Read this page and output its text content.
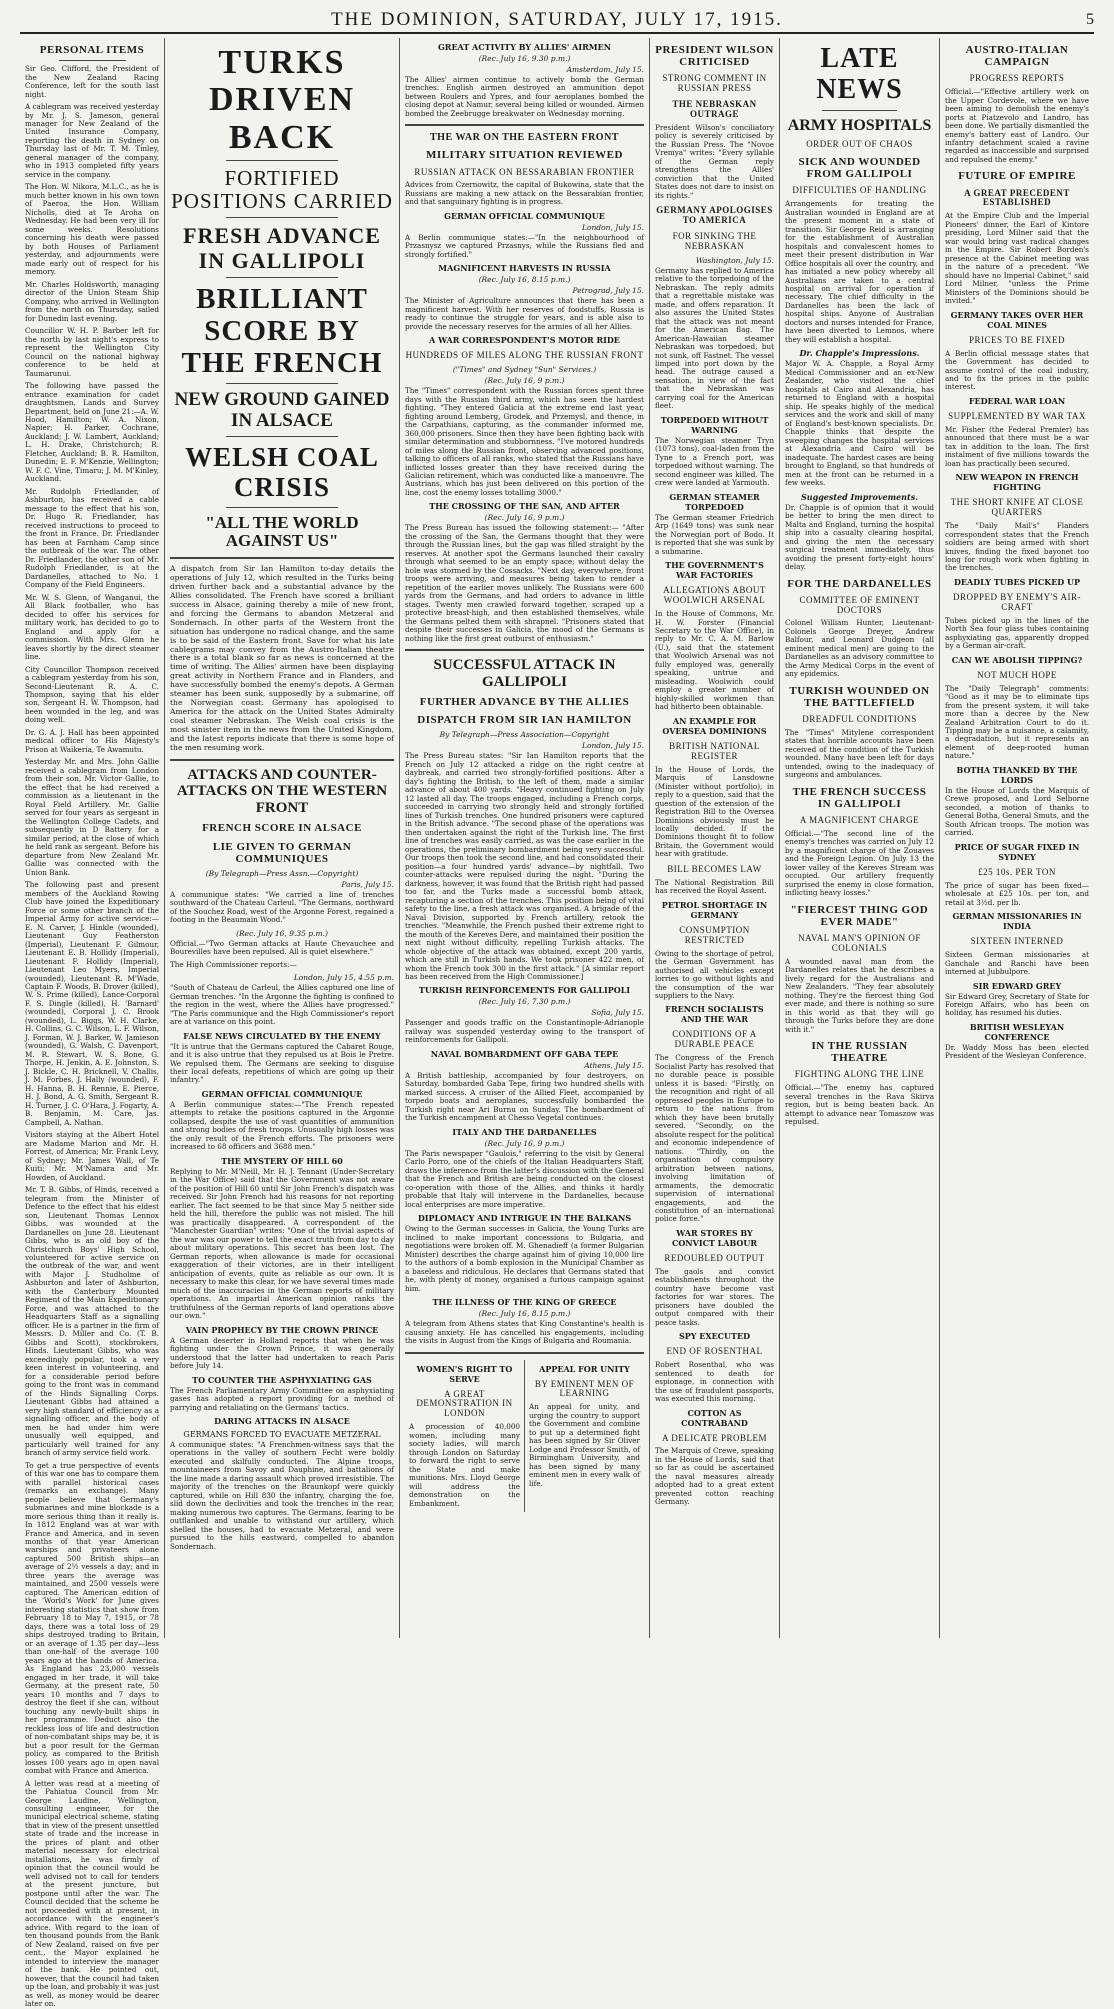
THE DOMINION, SATURDAY, JULY 17, 1915.	5
PERSONAL ITEMS
Sir Geo. Clifford, the President of the New Zealand Racing Conference, left for the south last night.
A cablegram was received yesterday by Mr. J. S. Jameson, general manager for New Zealand of the United Insurance Company, reporting the death in Sydney on Thursday last of Mr. T. M. Tinley, general manager of the company, who in 1913 completed fifty years service in the company.
The Hon. W. Nikora, M.L.C., as he is much better known in his own town of Paeroa, the Hon. William Nicholls, died at Te Aroha on Wednesday. He had been very ill for some weeks. Resolutions concerning his death were passed by both Houses of Parliament yesterday, and adjournments were made early out of respect for his memory.
Mr. Charles Holdsworth, managing director of the Union Steam Ship Company, who arrived in Wellington from the north on Thursday, sailed for Dunedin last evening.
Councillor W. H. P. Barber left for the north by last night's express to represent the Wellington City Council on the national highway conference to be held at Taumarunui.
The following have passed the entrance examination for cadet draughtsmen, Lands and Survey Department, held on June 21:—A. W. Hood, Hamilton; W. A. Nixon, Napier; H. Parker, Cochrane, Auckland; J. W. Lambert, Auckland; L. H. Drake, Christchurch; R. Fletcher, Auckland; B. R. Hamilton, Dunedin; E. F. M'Kenzie, Wellington; W. F. C. Vine, Timaru; J. M. M'Kinley, Auckland.
Mr. Rudolph Friedlander, of Ashburton, has received a cable message to the effect that his son, Dr. Hugo R. Friedlander, has received instructions to proceed to the front in France. Dr. Friedlander has been at Farnham Camp since the outbreak of the war. The other Dr. Friedlander, the other son of Mr. Rudolph Friedlander, is at the Dardanelles, attached to No. 1 Company of the Field Engineers.
Mr. W. S. Glenn, of Wanganui, the All Black footballer, who has decided to offer his services for military work, has decided to go to England and apply for a commission. With Mrs. Glenn he leaves shortly by the direct steamer line.
City Councillor Thompson received a cablegram yesterday from his son, Second-Lieutenant R. A. C. Thompson, saying that his elder son, Sergeant H. W. Thompson, had been wounded in the leg, and was doing well.
Dr. G. A. J. Hall has been appointed medical officer to His Majesty's Prison at Waikeria, Te Awamutu.
Yesterday Mr. and Mrs. John Gallie received a cablegram from London from their son, Mr. Victor Gallie, to the effect that he had received a commission as a lieutenant in the Royal Field Artillery. Mr. Gallie served for four years as sergeant in the Wellington College Cadets, and subsequently in D Battery for a similar period, at the close of which he held rank as sergeant. Before his departure from New Zealand Mr. Gallie was connected with the Union Bank.
The following past and present members of the Auckland Rowing Club have joined the Expeditionary Force or some other branch of the Imperial Army for active service:—E. N. Carver, J. Hinkle (wounded), Lieutenant Guy Featherston (Imperial), Lieutenant F. Gilmour, Lieutenant E. B. Hollidy (Imperial), Lieutenant F. Hollidy (Imperial), Lieutenant Leo Myers, Imperial (wounded), Lieutenant R. M'Wade, Captain F. Woods, B. Drover (killed), W. S. Prime (killed), Lance-Corporal F. S. Dingle (killed), H. 'Barnard' (wounded), Corporal J. C. Brook (wounded), L. Biggs, W. H. Clarke, H. Collins, G. C. Wilson, L. F. Wilson, J. Forman, W. J. Barker, W. Jamieson (wounded), G. Walsh, C. Davenport, M. R. Stewart, W. S. Bone, G. Thorpe, H. Jenkin, A. E. Johnston, S. J. Bickle, C. H. Bricknell, V. Challis, J. M. Forbes, J. Hally (wounded), F. H. Hanna, B. H. Rennie, E. Pierce, H. J. Bond, A. G. Smith, Sergeant R. H. Turner, J. C. O'Hara, J. Fogarty, A. B. Benjamin, M. Care, Jas. Campbell, A. Nathan.
Visitors staying at the Albert Hotel are Madame Marion and Mr. H. Forrest, of America; Mr. Frank Levy, of Sydney; Mr. James Wall, of Te Kuiti; Mr. M'Namara and Mr. Howden, of Auckland.
Mr. T. B. Gibbs, of Hinds, received a telegram from the Minister of Defence to the effect that his eldest son, Lieutenant Thomas Lennox Gibbs, was wounded at the Dardanelles on June 28. Lieutenant Gibbs, who is an old boy of the Christchurch Boys' High School, volunteered for active service on the outbreak of the war, and went with Major J. Studholme of Ashburton and later of Ashburton, with the Canterbury Mounted Regiment of the Main Expeditionary Force, and was attached to the Headquarters Staff as a signalling officer. He is a partner in the firm of Messrs. D. Miller and Co. (T. B. Gibbs and Scott), stockbrokers, Hinds. Lieutenant Gibbs, who was exceedingly popular, took a very keen interest in volunteering, and for a considerable period before going to the front was in command of the Hinds Signalling Corps. Lieutenant Gibbs had attained a very high standard of efficiency as a signalling officer, and the body of men he had under him were unusually well equipped, and particularly well trained for any branch of army service field work.
To get a true perspective of events of this war one has to compare them with parallel historical cases (remarks an exchange). Many people believe that Germany's submarines and mine blockade is a more serious thing than it really is. In 1812 England was at war with France and America, and in seven months of that year American warships and privateers alone captured 500 British ships—an average of 2½ vessels a day; and in three years the average was maintained, and 2500 vessels were captured. The American edition of the 'World's Work' for June gives interesting statistics that show from February 18 to May 7, 1915, or 78 days, there was a total loss of 29 ships destroyed trading to Britain, or an average of 1.35 per day—less than one-half of the average 100 years ago at the hands of America. As England has 23,000 vessels engaged in her trade, it will take Germany, at the present rate, 50 years 10 months and 7 days to destroy the fleet if she can, without touching any newly-built ships in her programme. Deduct also the reckless loss of life and destruction of non-combatant ships may be, it is but a poor result for the German policy, as compared to the British losses 100 years ago in open naval combat with France and America.
A letter was read at a meeting of the Pahiatua Council from Mr. George Laudine, Wellington, consulting engineer, for the municipal electrical scheme, stating that in view of the present unsettled state of trade and the increase in the prices of plant and other material necessary for electrical installations, he was firmly of opinion that the council would be well advised not to call for tenders at the present juncture, but postpone until after the war. The Council decided that the scheme be not proceeded with at present, in accordance with the engineer's advice. With regard to the loan of ten thousand pounds from the Bank of New Zealand, raised on five per cent., the Mayor explained he intended to interview the manager of the bank. He pointed out, however, that the council had taken up the loan, and probably it was just as well, as money would be dearer later on.
TURKS DRIVEN BACK
FORTIFIED POSITIONS CARRIED
FRESH ADVANCE IN GALLIPOLI
BRILLIANT SCORE BY THE FRENCH
NEW GROUND GAINED IN ALSACE
WELSH COAL CRISIS
"ALL THE WORLD AGAINST US"
A dispatch from Sir Ian Hamilton to-day details the operations of July 12, which resulted in the Turks being driven further back and a substantial advance by the Allies consolidated. The French have scored a brilliant success in Alsace, gaining thereby a mile of new front, and forcing the Germans to abandon Metzeral and Sondernach. In other parts of the Western front the situation has undergone no radical change, and the same is to be said of the Eastern front. Save for what his late cablegrams may convey from the Austro-Italian theatre there is a total blank so far as news is concerned at the time of writing. The Allies' airmen have been displaying great activity in Northern France and in Flanders, and have successfully bombed the enemy's depots. A German steamer has been sunk, supposedly by a submarine, off the Norwegian coast. Germany has apologised to America for the attack on the United States Admiralty coal steamer Nebraskan. The Welsh coal crisis is the most sinister item in the news from the United Kingdom, and the latest reports indicate that there is some hope of the men resuming work.
ATTACKS AND COUNTER-ATTACKS ON THE WESTERN FRONT
FRENCH SCORE IN ALSACE
LIE GIVEN TO GERMAN COMMUNIQUES
(By Telegraph—Press Assn.—Copyright)
Paris, July 15.
A communique states: "We carried a line of trenches southward of the Chateau Carleul. "The Germans, northward of the Souchez Road, west of the Argonne Forest, regained a footing in the Beaumain Wood."
(Rec. July 16, 9.35 p.m.)
Official.—"Two German attacks at Haute Chevauchee and Bourevilles have been repulsed. All is quiet elsewhere."
The High Commissioner reports:—
London, July 15, 4.55 p.m.
"South of Chateau de Carleul, the Allies captured one line of German trenches. "In the Argonne the fighting is confined to the region in the west, where the Allies have progressed." "The Paris communique and the High Commissioner's report are at variance on this point.
FALSE NEWS CIRCULATED BY THE ENEMY
"It is untrue that the Germans captured the Cabaret Rouge, and it is also untrue that they repulsed us at Bois le Pretre. We repulsed them. The Germans are seeking to disguise their local defeats, repetitions of which are going up their infantry."
GERMAN OFFICIAL COMMUNIQUE
A Berlin communique states:—"The French repeated attempts to retake the positions captured in the Argonne collapsed, despite the use of vast quantities of ammunition and strong bodies of fresh troops. Unusually high losses was the only result of the French efforts. The prisoners were increased to 68 officers and 3688 men."
THE MYSTERY OF HILL 60
Replying to Mr. M'Neill, Mr. H. J. Tennant (Under-Secretary in the War Office) said that the Government was not aware of the position of Hill 60 until Sir John French's dispatch was received. Sir John French had his reasons for not reporting earlier. The fact seemed to be that since May 5 neither side held the hill, therefore the public was not misled. The hill was practically disappeared. A correspondent of the "Manchester Guardian" writes: "One of the trivial aspects of the war was our power to tell the exact truth from day to day about military operations. This secret has been lost. The German reports, when allowance is made for occasional exaggeration of their victories, are in their intelligent anticipation of events, quite as reliable as our own. It is necessary to make this clear, for we have several times made much of the inaccuracies in the German reports of military operations. An impartial American opinion ranks the truthfulness of the German reports of land operations above our own."
VAIN PROPHECY BY THE CROWN PRINCE
A German deserter in Holland reports that when he was fighting under the Crown Prince, it was generally understood that the latter had undertaken to reach Paris before July 14.
TO COUNTER THE ASPHYXIATING GAS
The French Parliamentary Army Committee on asphyxiating gases has adopted a report providing for a method of parrying and retaliating on the Germans' tactics.
DARING ATTACKS IN ALSACE
GERMANS FORCED TO EVACUATE METZERAL
A communique states: "A Frenchmen-witness says that the operations in the valley of southern Fecht were boldly executed and skilfully conducted. The Alpine troops, mountaineers from Savoy and Dauphine, and battalions of the line made a daring assault which proved irresistible. The majority of the trenches on the Braunkopf were quickly captured, while on Hill 830 the infantry, charging the foe, slid down the declivities and took the trenches in the rear, making numerous two captures. The Germans, fearing to be outflanked and unable to withstand our artillery, which shelled the houses, had to evacuate Metzeral, and were pursued to the hills eastward, compelled to abandon Sondernach.
GREAT ACTIVITY BY ALLIES' AIRMEN
(Rec. July 16, 9.30 p.m.)
Amsterdam, July 15.
The Allies' airmen continue to actively bomb the German trenches. English airmen destroyed an ammunition depot between Roulers and Ypres, and four aeroplanes bombed the closing depot at Namur, several being killed or wounded. Airmen bombed the Zeebrugge breakwater on Wednesday morning.
THE WAR ON THE EASTERN FRONT
MILITARY SITUATION REVIEWED
RUSSIAN ATTACK ON BESSARABIAN FRONTIER
Advices from Czernowitz, the capital of Bukowina, state that the Russians are making a new attack on the Bessarabian frontier, and that sanguinary fighting is in progress.
GERMAN OFFICIAL COMMUNIQUE
London, July 15.
A Berlin communique states:—"In the neighbourhood of Przasnysz we captured Przasnys, while the Russians fled and strongly fortified."
MAGNIFICENT HARVESTS IN RUSSIA
(Rec. July 16, 8.15 p.m.)
Petrograd, July 15.
The Minister of Agriculture announces that there has been a magnificent harvest. With her reserves of foodstuffs, Russia is ready to continue the struggle for years, and is able also to provide the necessary reserves for the armies of all her Allies.
A WAR CORRESPONDENT'S MOTOR RIDE
HUNDREDS OF MILES ALONG THE RUSSIAN FRONT
("Times" and Sydney "Sun" Services.)
(Rec. July 16, 9 p.m.)
The "Times" correspondent with the Russian forces spent three days with the Russian third army, which has seen the hardest fighting. "They entered Galicia at the extreme end last year, fighting around Lemberg, Grodek, and Przemysl, and thence, in the Carpathians, capturing, as the commander informed me, 360,000 prisoners. Since then they have been fighting back with similar determination and stubbornness. "I've motored hundreds of miles along the Russian front, observing advanced positions, talking to officers of all ranks, who stated that the Russians have inflicted losses greater than they have received during the Galician retirement, which was conducted like a manoeuvre. The Austrians, which has just been delivered on this portion of the line, cost the enemy losses totalling 3000."
THE CROSSING OF THE SAN, AND AFTER
(Rec. July 16, 9 p.m.)
The Press Bureau has issued the following statement:— "After the crossing of the San, the Germans thought that they were through the Russian lines, but the gap was filled straight by the reserves. At another spot the Germans launched their cavalry through what seemed to be an empty space; without delay the hole was stormed by the Cossacks. "Next day, everywhere, front troops were arriving, and measures being taken to render a repetition of the earlier moves unlikely. The Russians were 600 yards from the Germans, and had orders to advance in little stages. Twenty men crawled forward together, scraped up a protective breast-high, and then established themselves, while the Germans pelted them with shrapnel. "Prisoners stated that despite their successes in Galicia, the mood of the Germans is nothing like the first great outburst of enthusiasm."
SUCCESSFUL ATTACK IN GALLIPOLI
FURTHER ADVANCE BY THE ALLIES
DISPATCH FROM SIR IAN HAMILTON
By Telegraph—Press Association—Copyright
London, July 15.
The Press Bureau states: "Sir Ian Hamilton reports that the French on July 12 attacked a ridge on the right centre at daybreak, and carried two strongly-fortified positions. After a day's fighting the British, to the left of them, made a similar advance of about 400 yards. "Heavy continued fighting on July 12 lasted all day. The troops engaged, including a French corps, succeeded in carrying two strongly held and strongly fortified lines of Turkish trenches. One hundred prisoners were captured in the British advance. "The second phase of the operations was then undertaken against the right of the Turkish line. The first line of trenches was easily carried, as was the case earlier in the operations, the preliminary bombardment being very successful. Our troops then took the second line, and had consolidated their position—a four hundred yards' advance—by nightfall. Two counter-attacks were repulsed during the night. "During the darkness, however, it was found that the British right had passed too far, and the Turks made a successful bomb attack, recapturing a section of the trenches. This position being of vital safety to the line, a fresh attack was organised. A brigade of the Naval Division, supported by French artillery, retook the trenches. "Meanwhile, the French pushed their extreme right to the mouth of the Kereves Dere, and maintained their position the next night without difficulty, repelling Turkish attacks. The whole objective of the attack was obtained, except 200 yards, which are still in Turkish hands. We took prisoner 422 men, of whom the French took 300 in the first attack." [A similar report has been received from the High Commissioner.]
TURKISH REINFORCEMENTS FOR GALLIPOLI
(Rec. July 16, 7.30 p.m.)
Sofia, July 15.
Passenger and goods traffic on the Constantinople-Adrianople railway was suspended yesterday owing to the transport of reinforcements for Gallipoli.
NAVAL BOMBARDMENT OFF GABA TEPE
Athens, July 15.
A British battleship, accompanied by four destroyers, on Saturday, bombarded Gaba Tepe, firing two hundred shells with marked success. A cruiser of the Allied Fleet, accompanied by torpedo boats and aeroplanes, successfully bombarded the Turkish right near Ari Burnu on Sunday. The bombardment of the Turkish encampment at Chesso Vegetal continues.
ITALY AND THE DARDANELLES
(Rec. July 16, 9 p.m.)
The Paris newspaper "Gaulois," referring to the visit by General Carlo Porro, one of the chiefs of the Italian Headquarters Staff, draws the inference from the latter's discussion with the General that the French and British are being conducted on the closest co-operation with those of the Allies, and thinks it hardly probable that Italy will intervene in the Dardanelles, because local enterprises are more imperative.
DIPLOMACY AND INTRIGUE IN THE BALKANS
Owing to the German successes in Galicia, the Young Turks are inclined to make important concessions to Bulgaria, and negotiations were broken off. M. Ghenadieff (a former Bulgarian Minister) describes the charge against him of giving 10,000 lire to the authors of a bomb explosion in the Municipal Chamber as a baseless and ridiculous. He declares that Germans stated that he, with plenty of money, organised a furious campaign against him.
THE ILLNESS OF THE KING OF GREECE
(Rec. July 16, 8.15 p.m.)
A telegram from Athens states that King Constantine's health is causing anxiety. He has cancelled his engagements, including the visits in August from the Kings of Bulgaria and Roumania.
WOMEN'S RIGHT TO SERVE
A GREAT DEMONSTRATION IN LONDON
A procession of 40,000 women, including many society ladies, will march through London on Saturday to forward the right to serve the State and make munitions. Mrs. Lloyd George will address the demonstration on the Embankment.
APPEAL FOR UNITY
BY EMINENT MEN OF LEARNING
An appeal for unity, and urging the country to support the Government and combine to put up a determined fight has been signed by Sir Oliver Lodge and Professor Smith, of Birmingham University, and has been signed by many eminent men in every walk of life.
PRESIDENT WILSON CRITICISED
STRONG COMMENT IN RUSSIAN PRESS
THE NEBRASKAN OUTRAGE
President Wilson's conciliatory policy is severely criticised by the Russian Press. The "Novoe Vremya" writes: "Every syllable of the German reply strengthens the Allies' conviction that the United States does not dare to insist on its rights."
GERMANY APOLOGISES TO AMERICA
FOR SINKING THE NEBRASKAN
Washington, July 15.
Germany has replied to America relative to the torpedoing of the Nebraskan. The reply admits that a regrettable mistake was made, and offers reparation. It also assures the United States that the attack was not meant for the American flag. The American-Hawaiian steamer Nebraskan was torpedoed, but not sunk, off Fastnet. The vessel limped into port down by the head. The outrage caused a sensation, in view of the fact that the Nebraskan was carrying coal for the American fleet.
TORPEDOED WITHOUT WARNING
The Norwegian steamer Tryn (1073 tons), coal-laden from the Tyne to a French port, was torpedoed without warning. The second engineer was killed. The crew were landed at Yarmouth.
GERMAN STEAMER TORPEDOED
The German steamer Friedrich Arp (1649 tons) was sunk near the Norwegian port of Bodo. It is reported that she was sunk by a submarine.
THE GOVERNMENT'S WAR FACTORIES
ALLEGATIONS ABOUT WOOLWICH ARSENAL
In the House of Commons, Mr. H. W. Forster (Financial Secretary to the War Office), in reply to Mr. C. A. M. Barlow (U.), said that the statement that Woolwich Arsenal was not fully employed was, generally speaking, untrue and misleading. Woolwich could employ a greater number of highly-skilled workmen than had hitherto been obtainable.
AN EXAMPLE FOR OVERSEA DOMINIONS
BRITISH NATIONAL REGISTER
In the House of Lords, the Marquis of Lansdowne (Minister without portfolio), in reply to a question, said that the question of the extension of the Registration Bill to the Oversea Dominions obviously must be locally decided. If the Dominions thought fit to follow Britain, the Government would hear with gratitude.
BILL BECOMES LAW
The National Registration Bill has received the Royal Assent.
PETROL SHORTAGE IN GERMANY
CONSUMPTION RESTRICTED
Owing to the shortage of petrol, the German Government has authorised all vehicles except lorries to go without lights and the consumption of the war suppliers to the Navy.
FRENCH SOCIALISTS AND THE WAR
CONDITIONS OF A DURABLE PEACE
The Congress of the French Socialist Party has resolved that no durable peace is possible unless it is based: "Firstly, on the recognition and right of all oppressed peoples in Europe to return to the nations from which they have been brutally severed. "Secondly, on the absolute respect for the political and economic independence of nations. "Thirdly, on the organisation of compulsory arbitration between nations, involving limitation of armaments, the democratic supervision of international engagements, and the constitution of an international police force."
WAR STORES BY CONVICT LABOUR
REDOUBLED OUTPUT
The gaols and convict establishments throughout the country have become vast factories for war stores. The prisoners have doubled the output compared with their peace tasks.
SPY EXECUTED
END OF ROSENTHAL
Robert Rosenthal, who was sentenced to death for espionage, in connection with the use of fraudulent passports, was executed this morning.
COTTON AS CONTRABAND
A DELICATE PROBLEM
The Marquis of Crewe, speaking in the House of Lords, said that so far as could be ascertained the naval measures already adopted had to a great extent prevented cotton reaching Germany.
LATE NEWS
ARMY HOSPITALS
ORDER OUT OF CHAOS
SICK AND WOUNDED FROM GALLIPOLI
DIFFICULTIES OF HANDLING
Arrangements for treating the Australian wounded in England are at the present moment in a state of transition. Sir George Reid is arranging for the establishment of Australian hospitals and convalescent homes to meet their present distribution in War Office hospitals all over the country, and has initiated a new policy whereby all Australians are taken to a central hospital on arrival for operation if necessary. The chief difficulty in the Dardanelles has been the lack of hospital ships. Anyone of Australian doctors and nurses intended for France, have been diverted to Lemnos, where they will establish a hospital.
Dr. Chapple's Impressions.
Major W. A. Chapple, a Royal Army Medical Commissioner and an ex-New Zealander, who visited the chief hospitals at Cairo and Alexandria, has returned to England with a hospital ship. He speaks highly of the medical services and the work and skill of many of England's best-known specialists. Dr. Chapple thinks that despite the sweeping changes the hospital services at Alexandria and Cairo will be inadequate. The hardest cases are being brought to England, so that hundreds of men at the front can be returned in a few weeks.
Suggested Improvements.
Dr. Chapple is of opinion that it would be better to bring the men direct to Malta and England, turning the hospital ship into a casualty clearing hospital, and giving the men the necessary surgical treatment immediately, thus avoiding the present forty-eight hours' delay.
FOR THE DARDANELLES
COMMITTEE OF EMINENT DOCTORS
Colonel William Hunter, Lieutenant-Colonels George Dreyer, Andrew Balfour, and Leonard Dudgeon (all eminent medical men) are going to the Dardanelles as an advisory committee to the Army Medical Corps in the event of any epidemics.
TURKISH WOUNDED ON THE BATTLEFIELD
DREADFUL CONDITIONS
The "Times" Mitylene correspondent states that horrible accounts have been received of the condition of the Turkish wounded. Many have been left for days untended, owing to the inadequacy of surgeons and ambulances.
THE FRENCH SUCCESS IN GALLIPOLI
A MAGNIFICENT CHARGE
Official.—"The second line of the enemy's trenches was carried on July 12 by a magnificent charge of the Zouaves and the Foreign Legion. On July 13 the lower valley of the Kereves Stream was occupied. Our artillery frequently surprised the enemy in close formation, inflicting heavy losses."
"FIERCEST THING GOD EVER MADE"
NAVAL MAN'S OPINION OF COLONIALS
A wounded naval man from the Dardanelles relates that he describes a lively regard for the Australians and New Zealanders. "They fear absolutely nothing. They're the fiercest thing God ever made, and there is nothing so sure in this world as that they will go through the Turks before they are done with it."
IN THE RUSSIAN THEATRE
FIGHTING ALONG THE LINE
Official.—"The enemy has captured several trenches in the Rava Skirva region, but is being beaten back. An attempt to advance near Tomaszow was repulsed.
AUSTRO-ITALIAN CAMPAIGN
PROGRESS REPORTS
Official.—"Effective artillery work on the Upper Cordevole, where we have been aiming to demolish the enemy's ports at Piatzevolo and Landro, has been done. We partially dismantled the enemy's battery east of Landro. Our infantry detachment scaled a ravine regarded as inaccessible and surprised and repulsed the enemy."
FUTURE OF EMPIRE
A GREAT PRECEDENT ESTABLISHED
At the Empire Club and the Imperial Pioneers' dinner, the Earl of Kintore presiding, Lord Milner said that the war would bring vast radical changes in the Empire. Sir Robert Borden's presence at the Cabinet meeting was in the nature of a precedent. "We should have no Imperial Cabinet," said Lord Milner, "unless the Prime Ministers of the Dominions should be invited."
GERMANY TAKES OVER HER COAL MINES
PRICES TO BE FIXED
A Berlin official message states that the Government has decided to assume control of the coal industry, and to fix the prices in the public interest.
FEDERAL WAR LOAN
SUPPLEMENTED BY WAR TAX
Mr. Fisher (the Federal Premier) has announced that there must be a war tax in addition to the loan. The first instalment of five millions towards the loan has practically been secured.
NEW WEAPON IN FRENCH FIGHTING
THE SHORT KNIFE AT CLOSE QUARTERS
The "Daily Mail's" Flanders correspondent states that the French soldiers are being armed with short knives, finding the fixed bayonet too long for rough work when fighting in the trenches.
DEADLY TUBES PICKED UP
DROPPED BY ENEMY'S AIR-CRAFT
Tubes picked up in the lines of the North Sea four glass tubes containing asphyxiating gas, apparently dropped by a German air-craft.
CAN WE ABOLISH TIPPING?
NOT MUCH HOPE
The "Daily Telegraph" comments: "Good as it may be to eliminate tips from the present system, it will take more than a decree by the New Zealand Arbitration Court to do it. Tipping may be a nuisance, a calamity, a degradation, but it represents an element of deep-rooted human nature."
BOTHA THANKED BY THE LORDS
In the House of Lords the Marquis of Crewe proposed, and Lord Selborne seconded, a motion of thanks to General Botha, General Smuts, and the South African troops. The motion was carried.
PRICE OF SUGAR FIXED IN SYDNEY
£25 10s. PER TON
The price of sugar has been fixed—wholesale at £25 10s. per ton, and retail at 3½d. per lb.
GERMAN MISSIONARIES IN INDIA
SIXTEEN INTERNED
Sixteen German missionaries at Ganchale and Ranchi have been interned at Jubbulpore.
SIR EDWARD GREY
Sir Edward Grey, Secretary of State for Foreign Affairs, who has been on holiday, has resumed his duties.
BRITISH WESLEYAN CONFERENCE
Dr. Waddy Moss has been elected President of the Wesleyan Conference.
